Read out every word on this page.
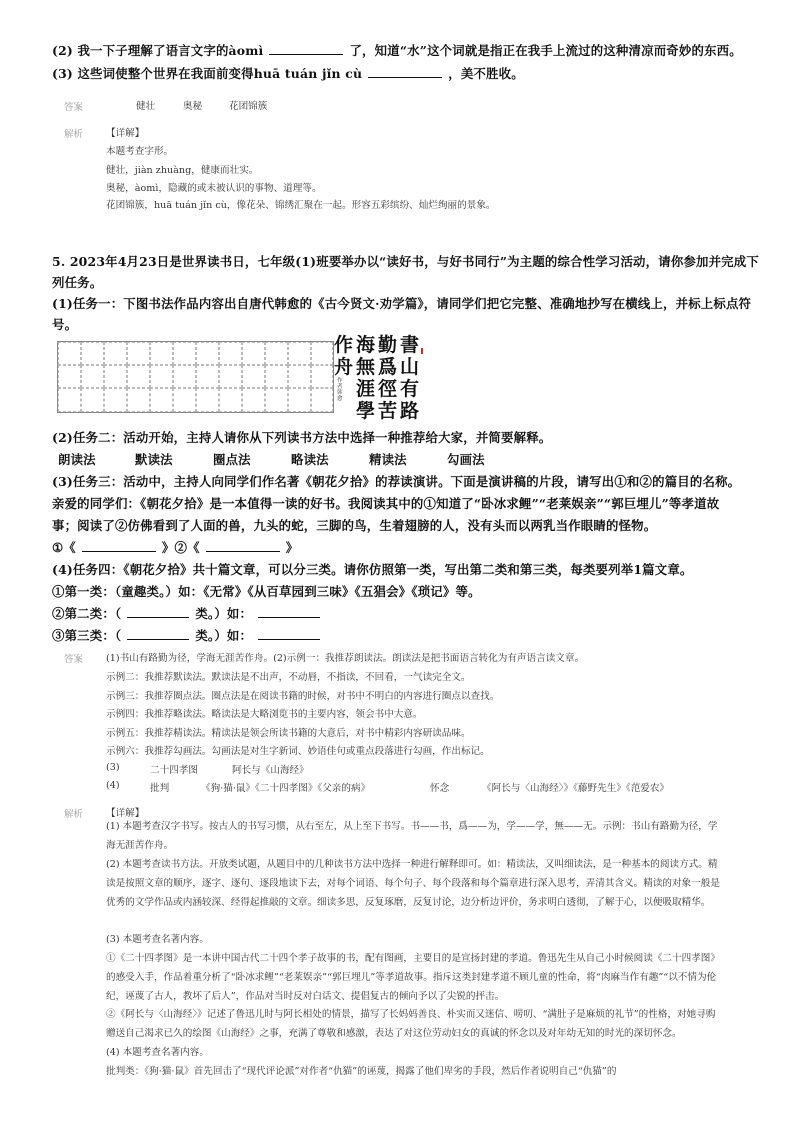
(2) 我一下子理解了语言文字的àomì	了，知道“水”这个词就是指正在我手上流过的这种清凉而奇妙的东西。
(3) 这些词使整个世界在我面前变得huā tuán jǐn cù	，美不胜收。
答案	健壮	奥秘	花团锦簇
解析 【详解】
本题考查字形。
健壮，jiàn zhuàng，健康而壮实。
奥秘，àomì，隐藏的或未被认识的事物、道理等。
花团锦簇，huā tuán jǐn cù，像花朵、锦绣汇聚在一起。形容五彩缤纷、灿烂绚丽的景象。
5. 2023年4月23日是世界读书日，七年级(1)班要举办以“读好书，与好书同行”为主题的综合性学习活动，请你参加并完成下
列任务。
(1)任务一：下图书法作品内容出自唐代韩愈的《古今贤文·劝学篇》，请同学们把它完整、准确地抄写在横线上，并标上标点符
号。
書
勤
海
作
山
爲
無
舟
有
徑
涯
苦 路
學
作者 韩愈
(2)任务二：活动开始，主持人请你从下列读书方法中选择一种推荐给大家，并简要解释。
朗读法	默读法	圈点法	略读法	精读法	勾画法
(3)任务三：活动中，主持人向同学们作名著《朝花夕拾》的荐读演讲。下面是演讲稿的片段，请写出①和②的篇目的名称。
亲爱的同学们：《朝花夕拾》是一本值得一读的好书。我阅读其中的①知道了“卧冰求鲤”“老莱娱亲”“郭巨埋儿”等孝道故
事；阅读了②仿佛看到了人面的兽，九头的蛇，三脚的鸟，生着翅膀的人，没有头而以两乳当作眼睛的怪物。
①《	》②《	》
(4)任务四：《朝花夕拾》共十篇文章，可以分三类。请你仿照第一类，写出第二类和第三类，每类要列举1篇文章。
①第一类：（童趣类。）如：《无常》《从百草园到三味》《五猖会》《琐记》等。
②第二类：（	类。）如：
③第三类：（	类。）如：
答案 (1)书山有路勤为径，学海无涯苦作舟。(2)示例一：我推荐朗读法。朗读法是把书面语言转化为有声语言读文章。
示例二：我推荐默读法。默读法是不出声，不动唇，不指读，不回看，一气读完全文。
示例三：我推荐圈点法。圈点法是在阅读书籍的时候，对书中不明白的内容进行圈点以查找。
示例四：我推荐略读法。略读法是大略浏览书的主要内容，领会书中大意。
示例五：我推荐精读法。精读法是领会所读书籍的大意后，对书中精彩内容研读品味。
示例六：我推荐勾画法。勾画法是对生字新词、妙语佳句或重点段落进行勾画，作出标记。
(3)	二十四孝图	阿长与《山海经》
(4)	批判	《狗·猫·鼠》《二十四孝图》《父亲的病》	怀念	《阿长与〈山海经〉》《藤野先生》《范爱农》
解析 【详解】

(1) 本题考查汉字书写。按古人的书写习惯，从右至左，从上至下书写。书——书，爲——为，学——学，無——无。示例：书山有路勤为径，学海无涯苦作舟。

(2) 本题考查读书方法。开放类试题，从题目中的几种读书方法中选择一种进行解释即可。如：精读法，又叫细读法，是一种基本的阅读方式。精读是按照文章的顺序，逐字、逐句、逐段地读下去，对每个词语、每个句子、每个段落和每个篇章进行深入思考，弄清其含义。精读的对象一般是优秀的文学作品或内涵较深、经得起推敲的文章。细读多思，反复琢磨，反复讨论，边分析边评价，务求明白透彻，了解于心，以便吸取精华。

(3) 本题考查名著内容。

①《二十四孝图》是一本讲中国古代二十四个孝子故事的书，配有图画，主要目的是宣扬封建的孝道。鲁迅先生从自己小时候阅读《二十四孝图》的感受入手，作品着重分析了“卧冰求鲤”“老莱娱亲”“郭巨埋儿”等孝道故事。指斥这类封建孝道不顾儿童的性命，将“肉麻当作有趣”“以不情为伦纪，诬蔑了古人，教坏了后人”，作品对当时反对白话文、提倡复古的倾向予以了尖锐的抨击。

②《阿长与〈山海经〉》记述了鲁迅儿时与阿长相处的情景，描写了长妈妈善良、朴实而又迷信、唠叨、“满肚子是麻烦的礼节”的性格，对她寻购赠送自己渴求已久的绘图《山海经》之事，充满了尊敬和感激，表达了对这位劳动妇女的真诚的怀念以及对年幼无知的时光的深切怀念。

(4) 本题考查名著内容。

批判类：《狗·猫·鼠》首先回击了“现代评论派”对作者“仇猫”的诬蔑，揭露了他们卑劣的手段，然后作者说明自己“仇猫”的
